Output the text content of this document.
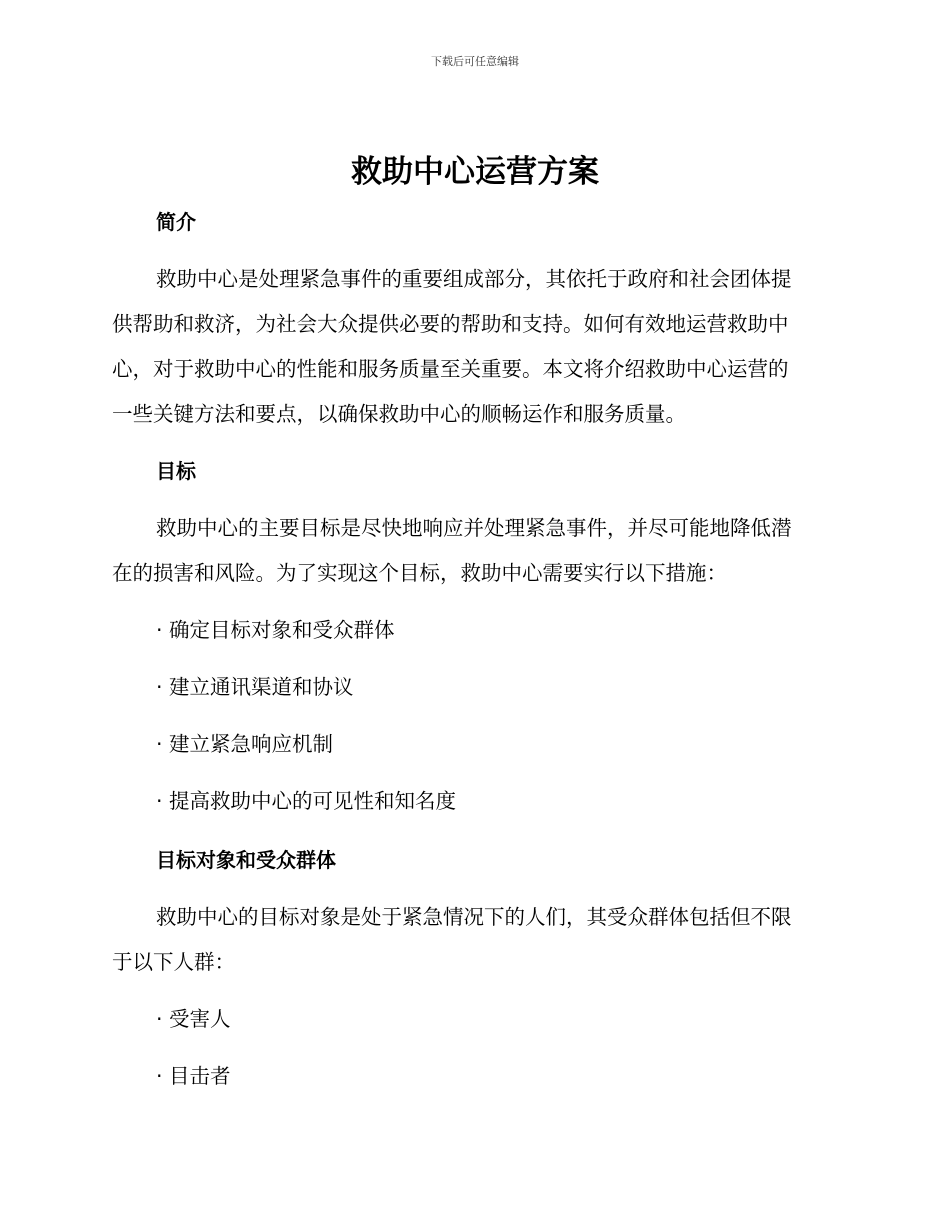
下载后可任意编辑
救助中心运营方案
简介
救助中心是处理紧急事件的重要组成部分，其依托于政府和社会团体提
供帮助和救济，为社会大众提供必要的帮助和支持。如何有效地运营救助中
心，对于救助中心的性能和服务质量至关重要。本文将介绍救助中心运营的
一些关键方法和要点，以确保救助中心的顺畅运作和服务质量。
目标
救助中心的主要目标是尽快地响应并处理紧急事件，并尽可能地降低潜
在的损害和风险。为了实现这个目标，救助中心需要实行以下措施：
· 确定目标对象和受众群体
· 建立通讯渠道和协议
· 建立紧急响应机制
· 提高救助中心的可见性和知名度
目标对象和受众群体
救助中心的目标对象是处于紧急情况下的人们，其受众群体包括但不限
于以下人群：
· 受害人
· 目击者
